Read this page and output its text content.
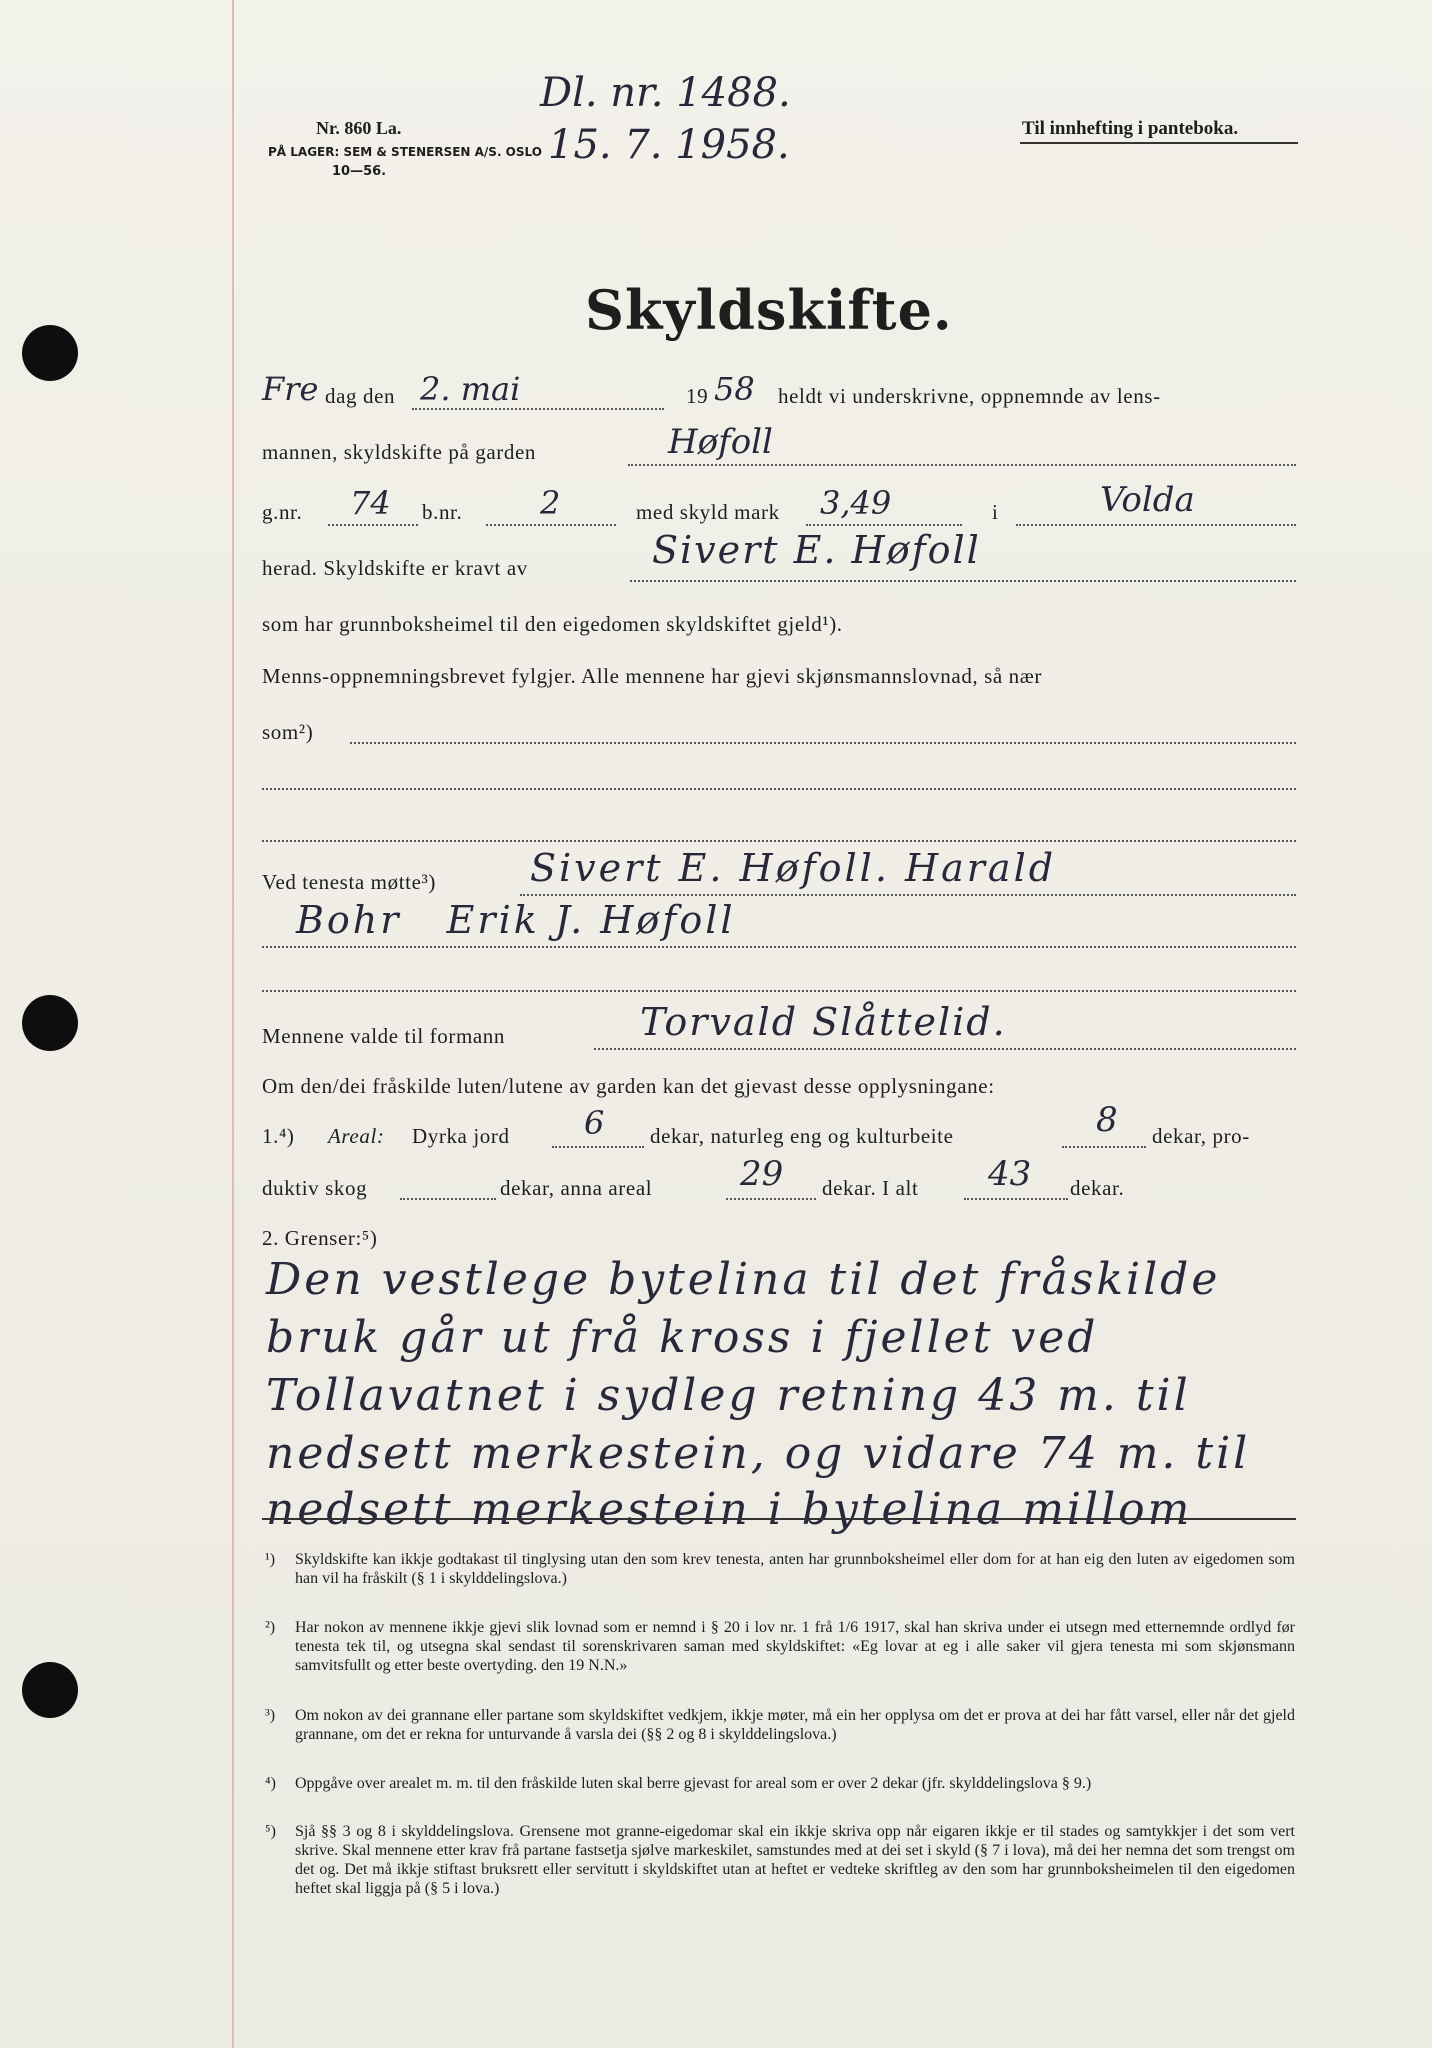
Nr. 860 La.
PÅ LAGER: SEM & STENERSEN A/S. OSLO
10—56.
Dl. nr. 1488.
15. 7. 1958.	Til innhefting i panteboka.
Skyldskifte.
Fre dag den 2. mai	19 58 heldt vi underskrivne, oppnemnde av lens-
mannen, skyldskifte på garden	Høfoll
g.nr. 74 b.nr. 2	med skyld mark 3,49	i	Volda
herad. Skyldskifte er kravt av	Sivert E. Høfoll
som har grunnboksheimel til den eigedomen skyldskiftet gjeld¹).
Menns-oppnemningsbrevet fylgjer. Alle mennene har gjevi skjønsmannslovnad, så nær
som²)
Ved tenesta møtte³) Sivert E. Høfoll. Harald
Bohr   Erik J. Høfoll
Mennene valde til formann	Torvald Slåttelid.
Om den/dei fråskilde luten/lutene av garden kan det gjevast desse opplysningane:
1.⁴) Areal: Dyrka jord 6 dekar, naturleg eng og kulturbeite	8 dekar, pro-
duktiv skog	dekar, anna areal	29 dekar. I alt 43 dekar.
2. Grenser:⁵)
Den vestlege bytelina til det fråskilde
bruk går ut frå kross i fjellet ved
Tollavatnet i sydleg retning 43 m. til
nedsett merkestein, og vidare 74 m. til
nedsett merkestein i bytelina millom
¹) Skyldskifte kan ikkje godtakast til tinglysing utan den som krev tenesta, anten har grunnboksheimel eller dom for at han eig den luten av eigedomen som han vil ha fråskilt (§ 1 i skylddelingslova.)
²) Har nokon av mennene ikkje gjevi slik lovnad som er nemnd i § 20 i lov nr. 1 frå 1/6 1917, skal han skriva under ei utsegn med etternemnde ordlyd før tenesta tek til, og utsegna skal sendast til sorenskrivaren saman med skyldskiftet: «Eg lovar at eg i alle saker vil gjera tenesta mi som skjønsmann samvitsfullt og etter beste overtyding. den 19 N.N.»
³) Om nokon av dei grannane eller partane som skyldskiftet vedkjem, ikkje møter, må ein her opplysa om det er prova at dei har fått varsel, eller når det gjeld grannane, om det er rekna for unturvande å varsla dei (§§ 2 og 8 i skylddelingslova.)
⁴) Oppgåve over arealet m. m. til den fråskilde luten skal berre gjevast for areal som er over 2 dekar (jfr. skylddelingslova § 9.)
⁵) Sjå §§ 3 og 8 i skylddelingslova. Grensene mot granne-eigedomar skal ein ikkje skriva opp når eigaren ikkje er til stades og samtykkjer i det som vert skrive. Skal mennene etter krav frå partane fastsetja sjølve markeskilet, samstundes med at dei set i skyld (§ 7 i lova), må dei her nemna det som trengst om det og. Det må ikkje stiftast bruksrett eller servitutt i skyldskiftet utan at heftet er vedteke skriftleg av den som har grunnboksheimelen til den eigedomen heftet skal liggja på (§ 5 i lova.)
